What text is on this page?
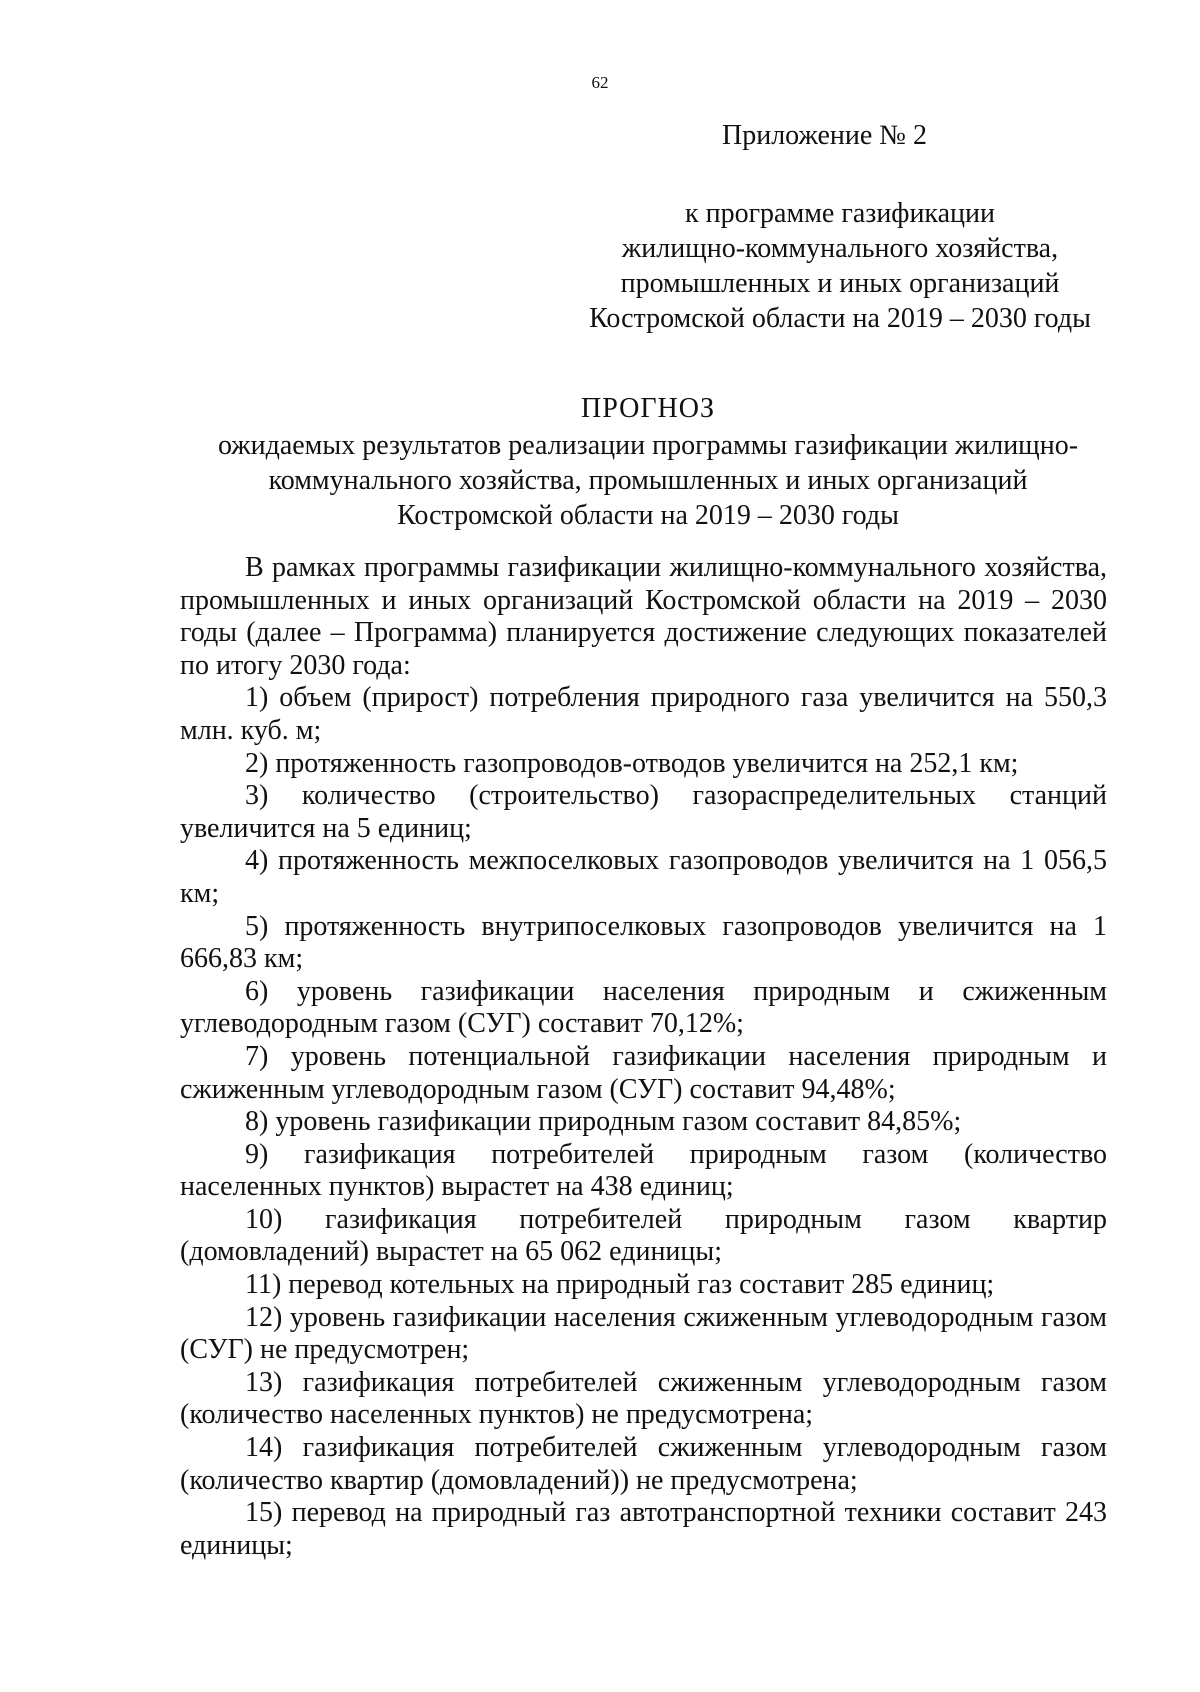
62
Приложение № 2
к программе газификации
жилищно-коммунального хозяйства,
промышленных и иных организаций
Костромской области на 2019 – 2030 годы
ПРОГНОЗ
ожидаемых результатов реализации программы газификации жилищно-
коммунального хозяйства, промышленных и иных организаций
Костромской области на 2019 – 2030 годы

В рамках программы газификации жилищно-коммунального хозяйства, промышленных и иных организаций Костромской области на 2019 – 2030 годы (далее – Программа) планируется достижение следующих показателей по итогу 2030 года:

1) объем (прирост) потребления природного газа увеличится на 550,3 млн. куб. м;

2) протяженность газопроводов-отводов увеличится на 252,1 км;

3) количество (строительство) газораспределительных станций увеличится на 5 единиц;

4) протяженность межпоселковых газопроводов увеличится на 1 056,5 км;

5) протяженность внутрипоселковых газопроводов увеличится на 1 666,83 км;

6) уровень газификации населения природным и сжиженным углеводородным газом (СУГ) составит 70,12%;

7) уровень потенциальной газификации населения природным и сжиженным углеводородным газом (СУГ) составит 94,48%;

8) уровень газификации природным газом составит 84,85%;

9) газификация потребителей природным газом (количество населенных пунктов) вырастет на 438 единиц;

10) газификация потребителей природным газом квартир (домовладений) вырастет на 65 062 единицы;

11) перевод котельных на природный газ составит 285 единиц;

12) уровень газификации населения сжиженным углеводородным газом (СУГ) не предусмотрен;

13) газификация потребителей сжиженным углеводородным газом (количество населенных пунктов) не предусмотрена;

14) газификация потребителей сжиженным углеводородным газом (количество квартир (домовладений)) не предусмотрена;

15) перевод на природный газ автотранспортной техники составит 243 единицы;
